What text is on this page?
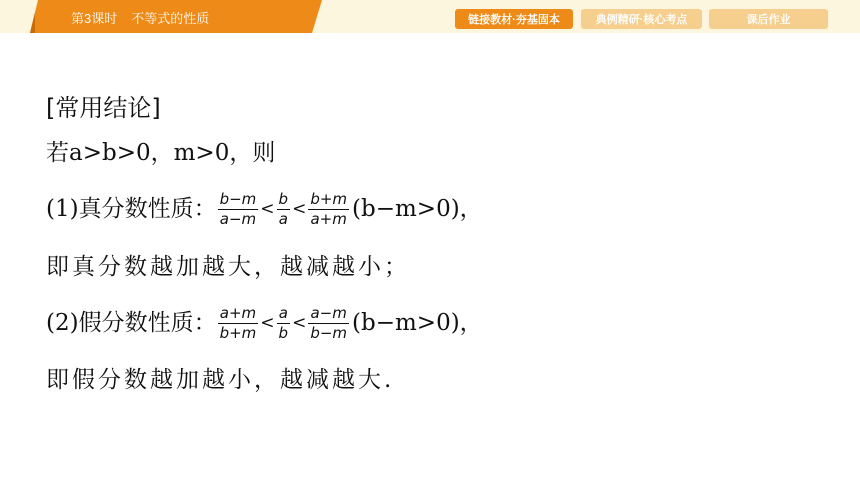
第3课时 不等式的性质	链接教材·夯基固本	典例精研·核心考点	课后作业
[常用结论]
若a>b>0，m>0，则
(1)真分数性质： $\frac{b-m}{a-m} < \frac{b}{a} < \frac{b+m}{a+m} (b-m>0)$，
即真分数越加越大，越减越小；
(2)假分数性质： $\frac{a+m}{b+m} < \frac{a}{b} < \frac{a-m}{b-m} (b-m>0)$，
即假分数越加越小，越减越大.
